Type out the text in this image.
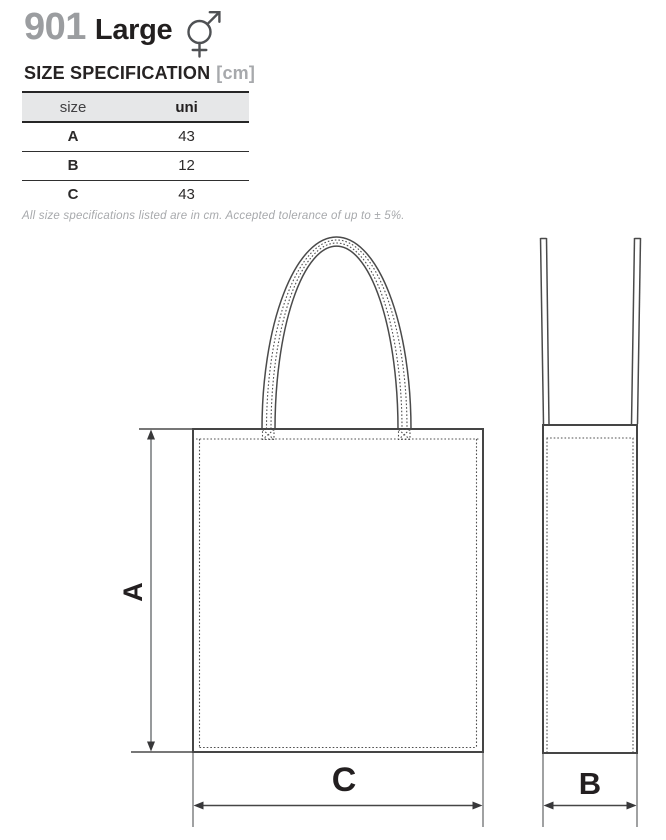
901 Large
SIZE SPECIFICATION [cm]
size	uni
A	43
B	12
C	43
All size specifications listed are in cm. Accepted tolerance of up to ± 5%.
A
C	B
